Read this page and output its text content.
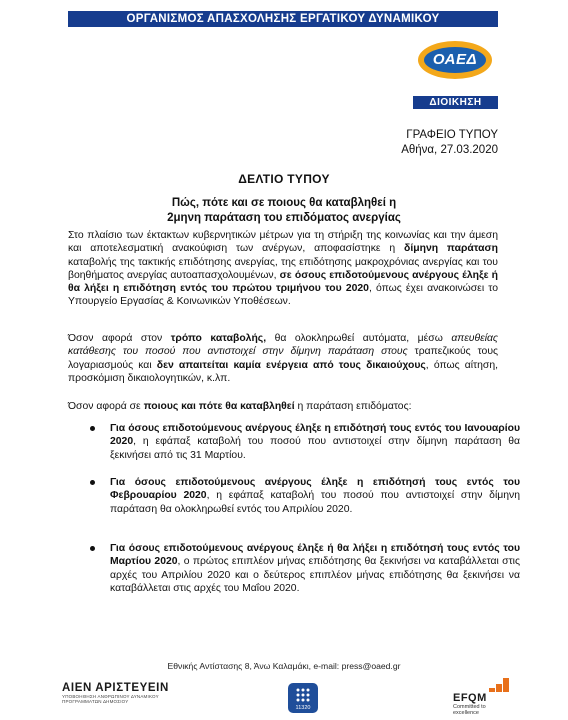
ΟΡΓΑΝΙΣΜΟΣ ΑΠΑΣΧΟΛΗΣΗΣ ΕΡΓΑΤΙΚΟΥ ΔΥΝΑΜΙΚΟΥ
ΟΑΕΔ
ΔΙΟΙΚΗΣΗ
ΓΡΑΦΕΙΟ ΤΥΠΟΥ
Αθήνα, 27.03.2020
ΔΕΛΤΙΟ ΤΥΠΟΥ
Πώς, πότε και σε ποιους θα καταβληθεί η
2μηνη παράταση του επιδόματος ανεργίας
Στο πλαίσιο των έκτακτων κυβερνητικών μέτρων για τη στήριξη της κοινωνίας και την άμεση και αποτελεσματική ανακούφιση των ανέργων, αποφασίστηκε η δίμηνη παράταση καταβολής της τακτικής επιδότησης ανεργίας, της επιδότησης μακροχρόνιας ανεργίας και του βοηθήματος ανεργίας αυτοαπασχολουμένων, σε όσους επιδοτούμενους ανέργους έληξε ή θα λήξει η επιδότηση εντός του πρώτου τριμήνου του 2020, όπως έχει ανακοινώσει το Υπουργείο Εργασίας & Κοινωνικών Υποθέσεων.
Όσον αφορά στον τρόπο καταβολής, θα ολοκληρωθεί αυτόματα, μέσω απευθείας κατάθεσης του ποσού που αντιστοιχεί στην δίμηνη παράταση στους τραπεζικούς τους λογαριασμούς και δεν απαιτείται καμία ενέργεια από τους δικαιούχους, όπως αίτηση, προσκόμιση δικαιολογητικών, κ.λπ.
Όσον αφορά σε ποιους και πότε θα καταβληθεί η παράταση επιδόματος:
Για όσους επιδοτούμενους ανέργους έληξε η επιδότησή τους εντός του Ιανουαρίου 2020, η εφάπαξ καταβολή του ποσού που αντιστοιχεί στην δίμηνη παράταση θα ξεκινήσει από τις 31 Μαρτίου.
Για όσους επιδοτούμενους ανέργους έληξε η επιδότησή τους εντός του Φεβρουαρίου 2020, η εφάπαξ καταβολή του ποσού που αντιστοιχεί στην δίμηνη παράταση θα ολοκληρωθεί εντός του Απριλίου 2020.
Για όσους επιδοτούμενους ανέργους έληξε ή θα λήξει η επιδότησή τους εντός του Μαρτίου 2020, ο πρώτος επιπλέον μήνας επιδότησης θα ξεκινήσει να καταβάλλεται στις αρχές του Απριλίου 2020 και ο δεύτερος επιπλέον μήνας επιδότησης θα ξεκινήσει να καταβάλλεται στις αρχές του Μαΐου 2020.
Εθνικής Αντίστασης 8, Άνω Καλαμάκι, e-mail: press@oaed.gr
ΑΙΕΝ ΑΡΙΣΤΕΥΕΙΝ
ΥΠΟΒΟΗΘΗΣΗ ΑΝΘΡΩΠΙΝΟΥ ΔΥΝΑΜΙΚΟΥ ΠΡΟΓΡΑΜΜΑΤΩΝ ΔΗΜΟΣΙΟΥ
11320
EFQM
Committed to excellence
